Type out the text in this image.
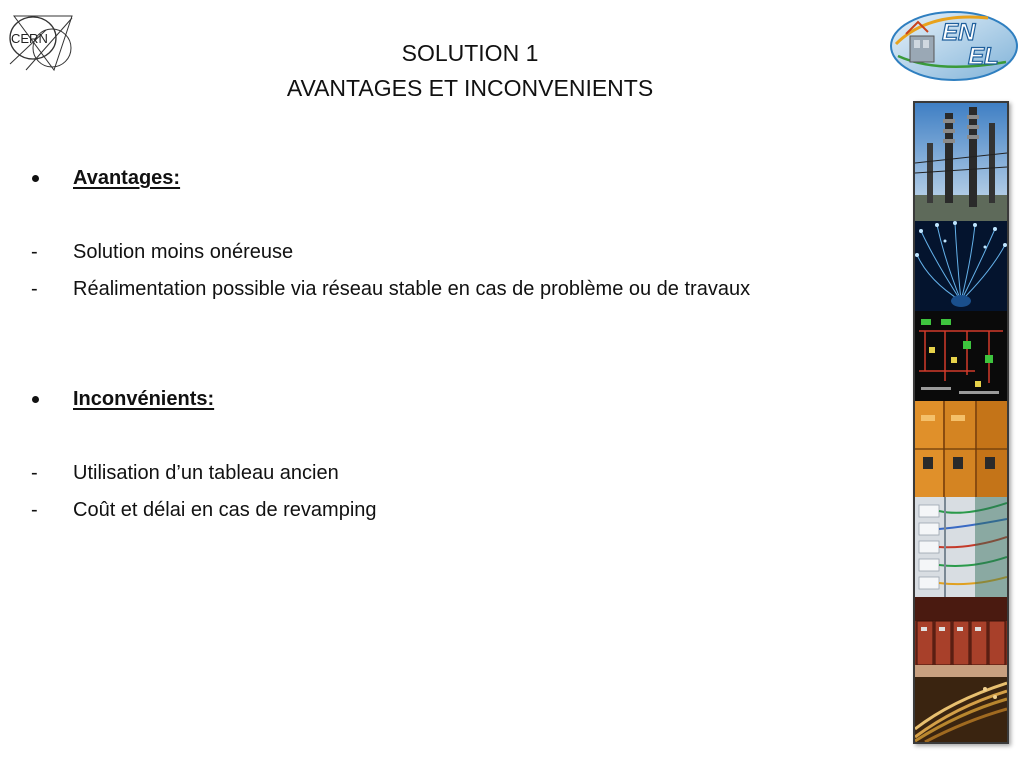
CERN
SOLUTION 1
AVANTAGES ET INCONVENIENTS
EN
EL
Avantages:
-	Solution moins onéreuse
-	Réalimentation possible via réseau stable en cas de problème ou de travaux
Inconvénients:
-	Utilisation d’un tableau ancien
-	Coût et délai en cas de revamping
